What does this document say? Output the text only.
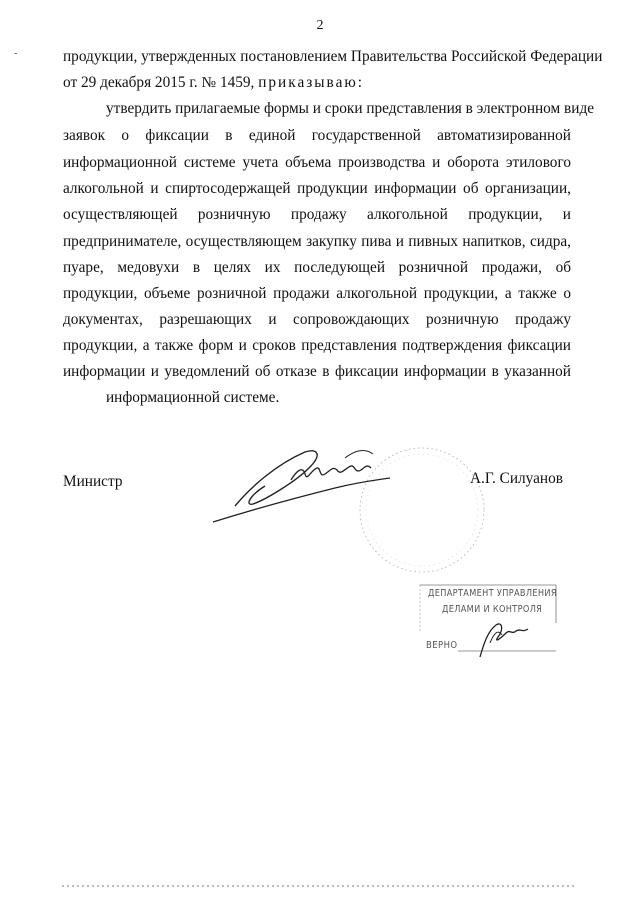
2
-	продукции, утвержденных постановлением Правительства Российской Федерации
от 29 декабря 2015 г. № 1459, приказываю:
утвердить прилагаемые формы и сроки представления в электронном виде
заявок о фиксации в единой государственной автоматизированной
информационной системе учета объема производства и оборота этилового
алкогольной и спиртосодержащей продукции информации об организации,
осуществляющей розничную продажу алкогольной продукции, и
предпринимателе, осуществляющем закупку пива и пивных напитков, сидра,
пуаре, медовухи в целях их последующей розничной продажи, об
продукции, объеме розничной продажи алкогольной продукции, а также о
документах, разрешающих и сопровождающих розничную продажу
продукции, а также форм и сроков представления подтверждения фиксации
информации и уведомлений об отказе в фиксации информации в указанной
информационной системе.
Министр	А.Г. Силуанов
ДЕПАРТАМЕНТ УПРАВЛЕНИЯ
ДЕЛАМИ И КОНТРОЛЯ
ВЕРНО
